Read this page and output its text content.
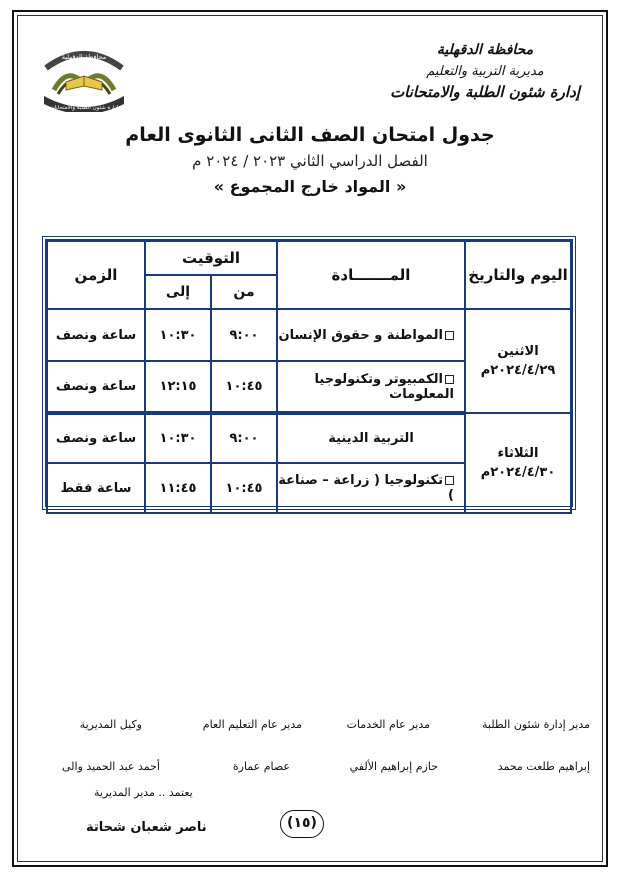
محافظة الدقهلية
مديرية التربية والتعليم
إدارة شئون الطلبة والامتحانات
محافظة الدقهلية
إدارة شئون الطلبة والامتحانات
جدول امتحان الصف الثانى الثانوى العام
الفصل الدراسي الثاني ٢٠٢٣ / ٢٠٢٤ م
« المواد خارج المجموع »
اليوم والتاريخ	المـــــــادة	التوقيت		الزمن
		من	إلى	

الاثنين
٢٠٢٤/٤/٢٩م	المواطنة و حقوق الإنسان	٩:٠٠	١٠:٣٠	ساعة ونصف
	الكمبيوتر وتكنولوجيا المعلومات	١٠:٤٥	١٢:١٥	ساعة ونصف

الثلاثاء
٢٠٢٤/٤/٣٠م	التربية الدينية	٩:٠٠	١٠:٣٠	ساعة ونصف
	تكنولوجيا ( زراعة – صناعة )	١٠:٤٥	١١:٤٥	ساعة فقط
مدير إدارة شئون الطلبة
مدير عام الخدمات
مدير عام التعليم العام
وكيل المديرية
إبراهيم طلعت محمد
حازم إبراهيم الألفي
عصام عمارة
أحمد عبد الحميد والى
يعتمد .. مدير المديرية
(١٥)
ناصر شعبان شحاتة
